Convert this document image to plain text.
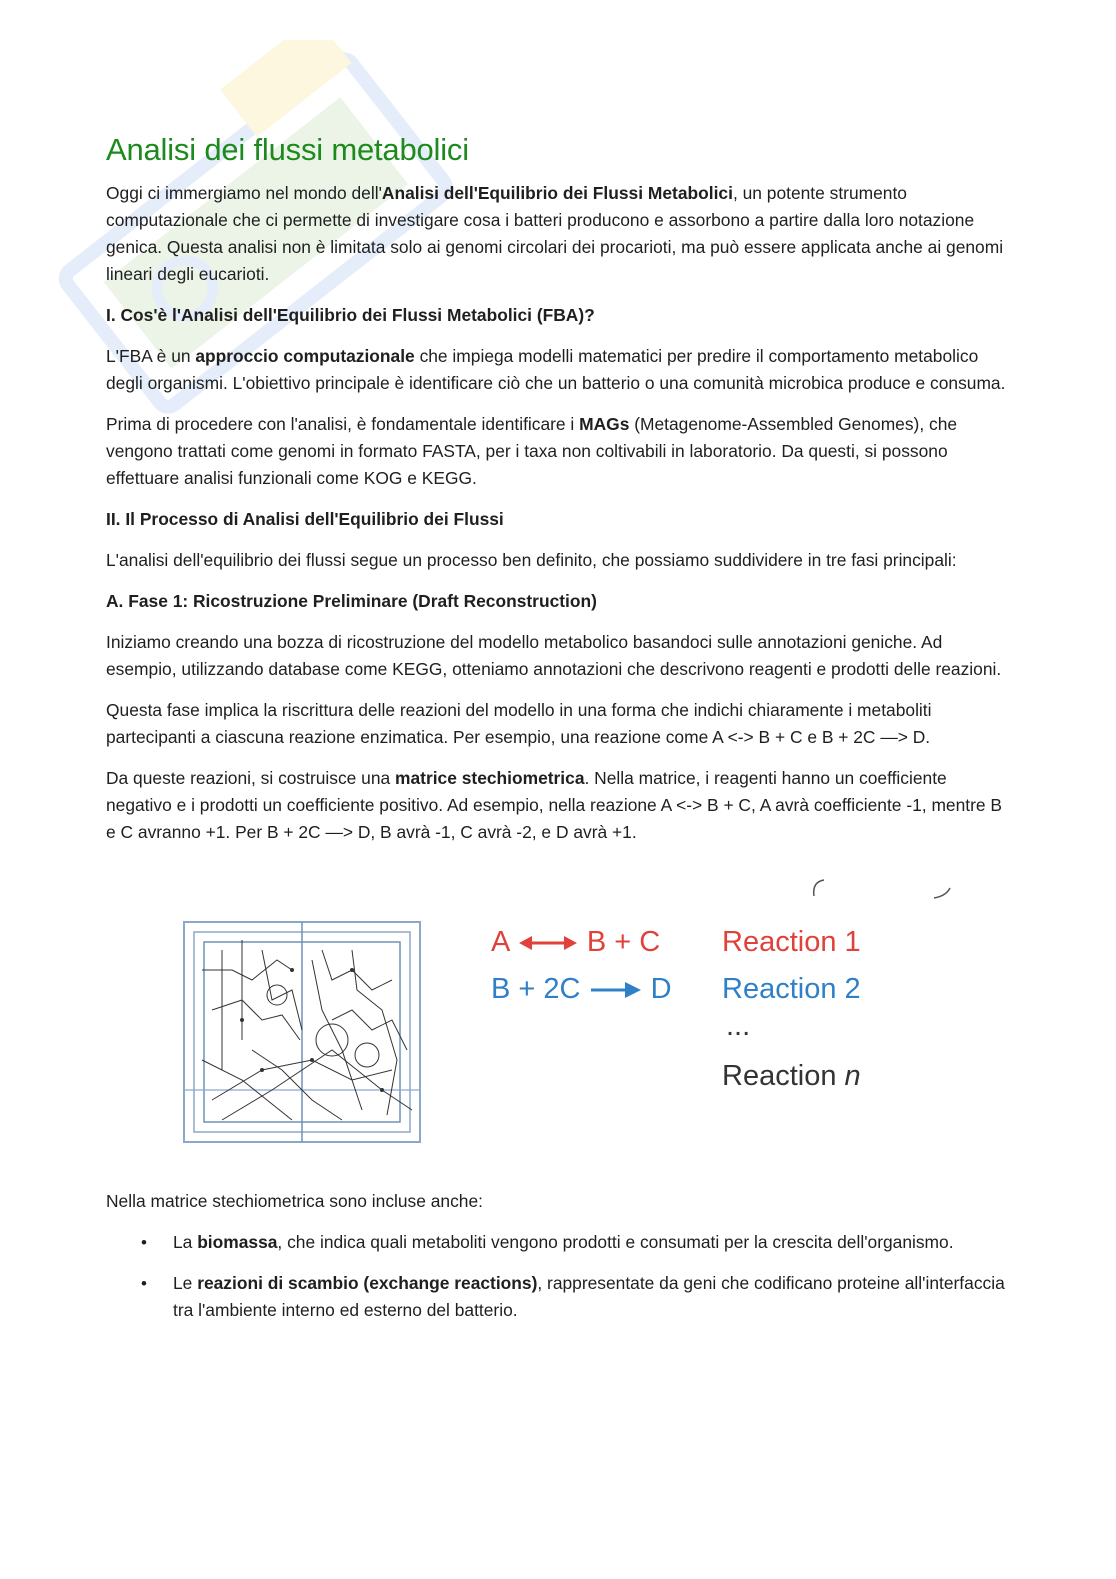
Analisi dei flussi metabolici

Oggi ci immergiamo nel mondo dell'Analisi dell'Equilibrio dei Flussi Metabolici, un potente strumento computazionale che ci permette di investigare cosa i batteri producono e assorbono a partire dalla loro notazione genica. Questa analisi non è limitata solo ai genomi circolari dei procarioti, ma può essere applicata anche ai genomi lineari degli eucarioti.

I. Cos'è l'Analisi dell'Equilibrio dei Flussi Metabolici (FBA)?

L'FBA è un approccio computazionale che impiega modelli matematici per predire il comportamento metabolico degli organismi. L'obiettivo principale è identificare ciò che un batterio o una comunità microbica produce e consuma.

Prima di procedere con l'analisi, è fondamentale identificare i MAGs (Metagenome-Assembled Genomes), che vengono trattati come genomi in formato FASTA, per i taxa non coltivabili in laboratorio. Da questi, si possono effettuare analisi funzionali come KOG e KEGG.

II. Il Processo di Analisi dell'Equilibrio dei Flussi

L'analisi dell'equilibrio dei flussi segue un processo ben definito, che possiamo suddividere in tre fasi principali:

A. Fase 1: Ricostruzione Preliminare (Draft Reconstruction)

Iniziamo creando una bozza di ricostruzione del modello metabolico basandoci sulle annotazioni geniche. Ad esempio, utilizzando database come KEGG, otteniamo annotazioni che descrivono reagenti e prodotti delle reazioni.

Questa fase implica la riscrittura delle reazioni del modello in una forma che indichi chiaramente i metaboliti partecipanti a ciascuna reazione enzimatica. Per esempio, una reazione come A <-> B + C e B + 2C —> D.

Da queste reazioni, si costruisce una matrice stechiometrica. Nella matrice, i reagenti hanno un coefficiente negativo e i prodotti un coefficiente positivo. Ad esempio, nella reazione A <-> B + C, A avrà coefficiente -1, mentre B e C avranno +1. Per B + 2C —> D, B avrà -1, C avrà -2, e D avrà +1.

A	B + C
B + 2C D
Reaction 1
Reaction 2
...
Reaction n

Nella matrice stechiometrica sono incluse anche:

• La biomassa, che indica quali metaboliti vengono prodotti e consumati per la crescita dell'organismo.
• Le reazioni di scambio (exchange reactions), rappresentate da geni che codificano proteine all'interfaccia tra l'ambiente interno ed esterno del batterio.
